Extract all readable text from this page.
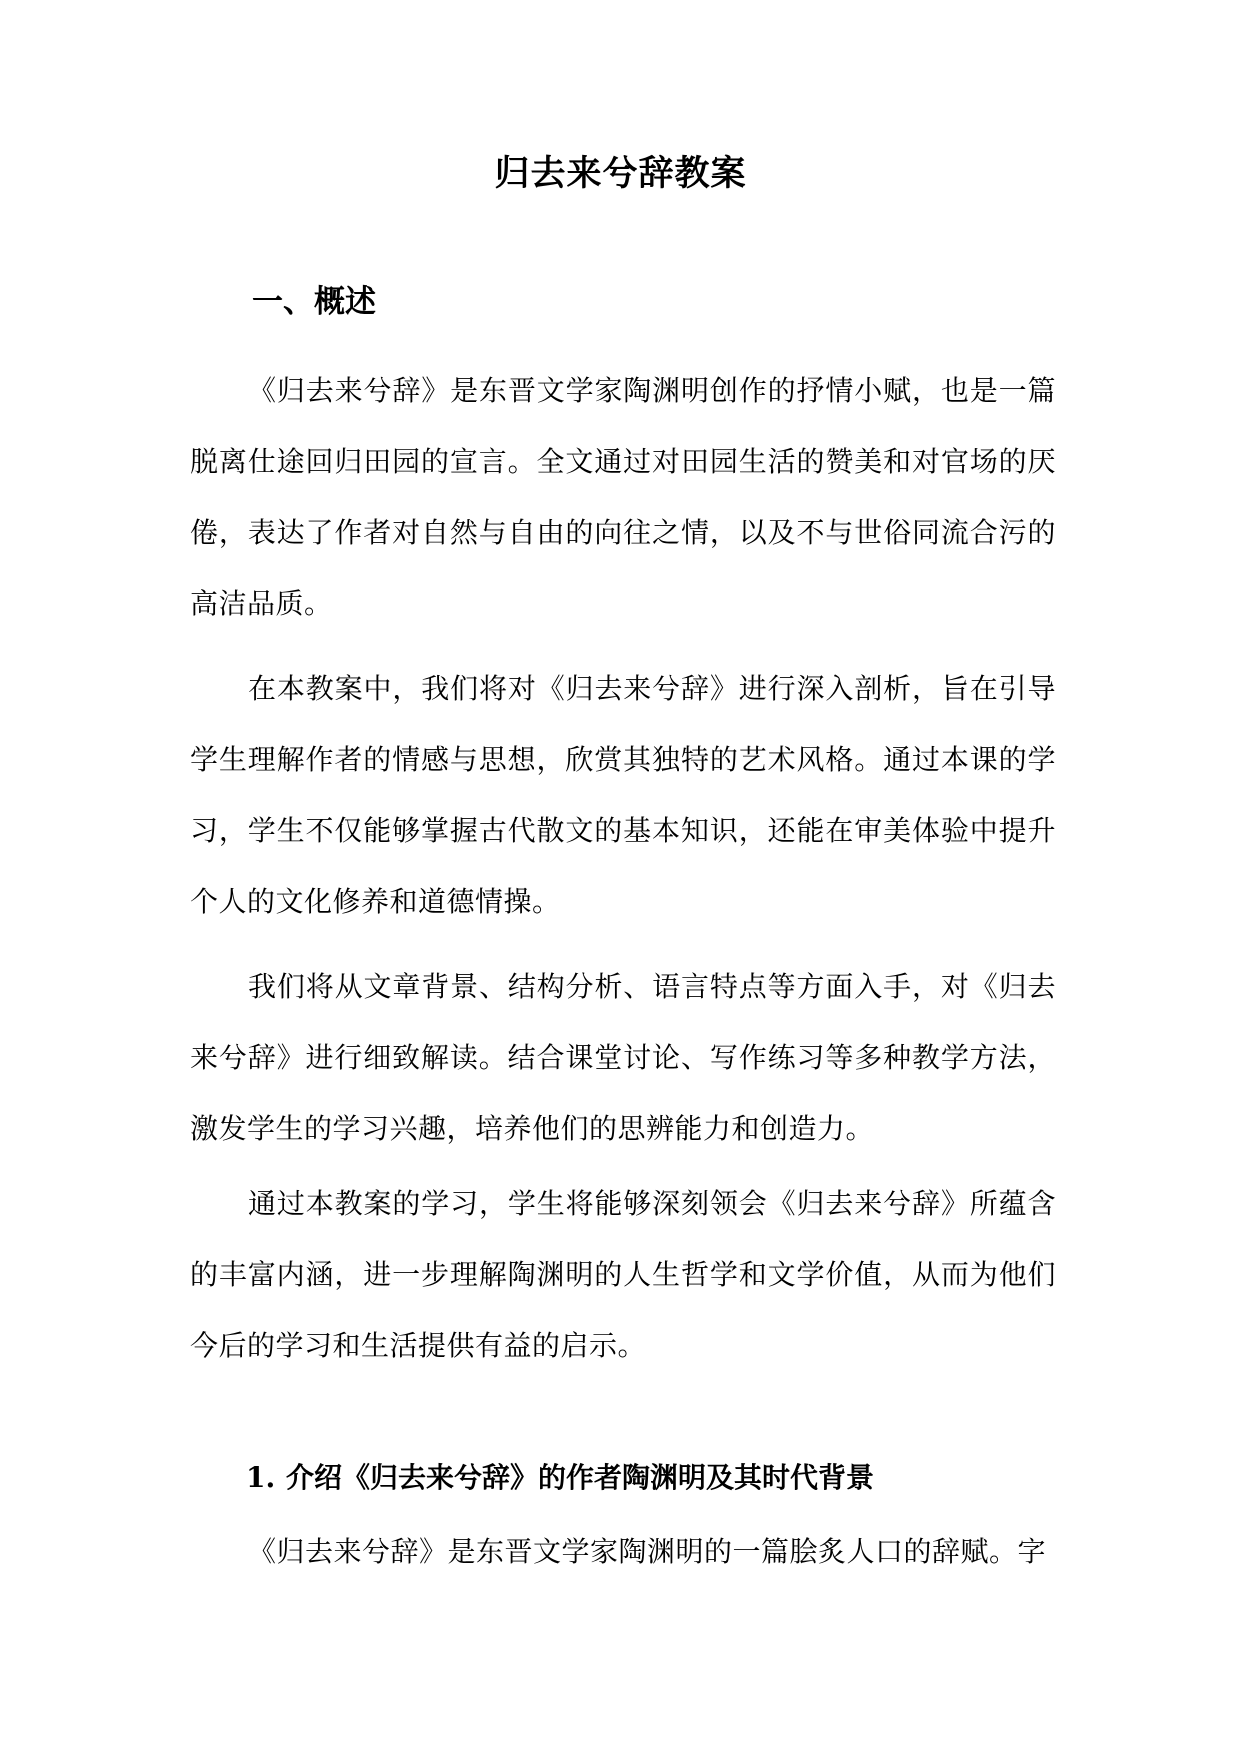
归去来兮辞教案
一、概述

《归去来兮辞》是东晋文学家陶渊明创作的抒情小赋，也是一篇脱离仕途回归田园的宣言。全文通过对田园生活的赞美和对官场的厌倦，表达了作者对自然与自由的向往之情，以及不与世俗同流合污的高洁品质。

在本教案中，我们将对《归去来兮辞》进行深入剖析，旨在引导学生理解作者的情感与思想，欣赏其独特的艺术风格。通过本课的学习，学生不仅能够掌握古代散文的基本知识，还能在审美体验中提升个人的文化修养和道德情操。

我们将从文章背景、结构分析、语言特点等方面入手，对《归去来兮辞》进行细致解读。结合课堂讨论、写作练习等多种教学方法，激发学生的学习兴趣，培养他们的思辨能力和创造力。

通过本教案的学习，学生将能够深刻领会《归去来兮辞》所蕴含的丰富内涵，进一步理解陶渊明的人生哲学和文学价值，从而为他们今后的学习和生活提供有益的启示。

1. 介绍《归去来兮辞》的作者陶渊明及其时代背景

《归去来兮辞》是东晋文学家陶渊明的一篇脍炙人口的辞赋。字
